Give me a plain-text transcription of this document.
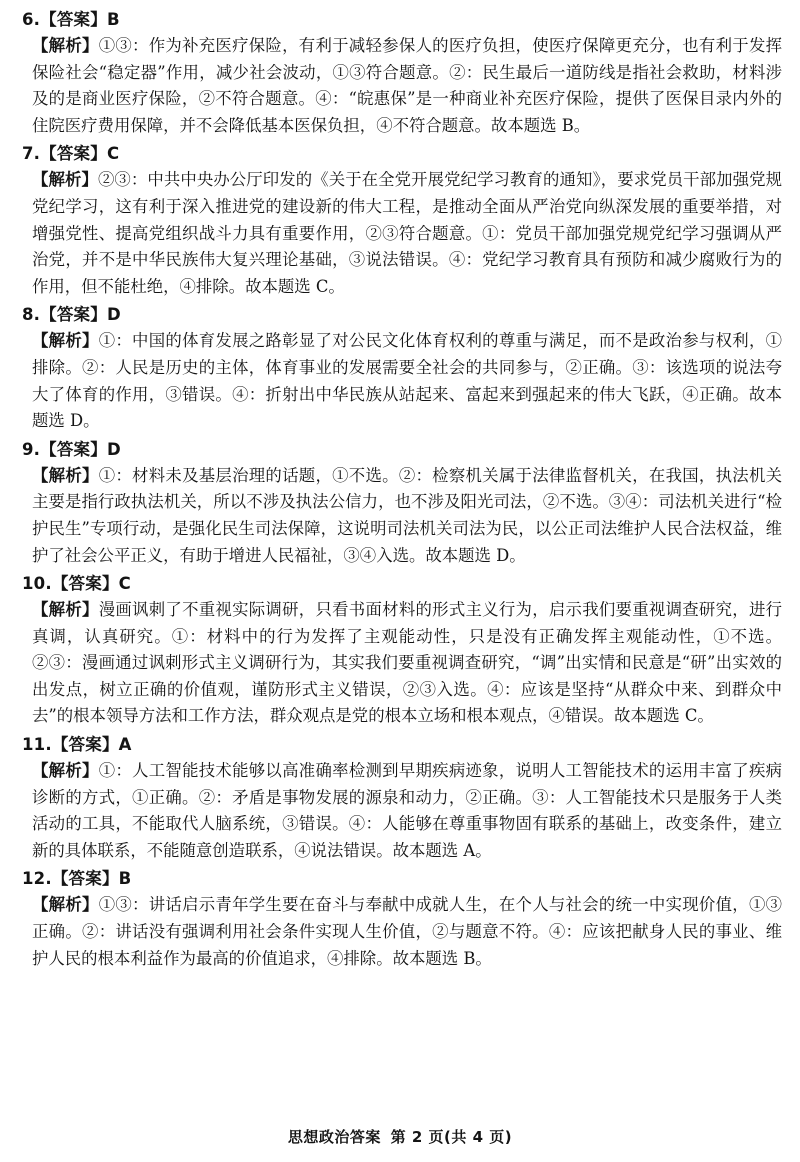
6.【答案】B
【解析】①③：作为补充医疗保险，有利于减轻参保人的医疗负担，使医疗保障更充分，也有利于发挥保险社会“稳定器”作用，减少社会波动，①③符合题意。②：民生最后一道防线是指社会救助，材料涉及的是商业医疗保险，②不符合题意。④：“皖惠保”是一种商业补充医疗保险，提供了医保目录内外的住院医疗费用保障，并不会降低基本医保负担，④不符合题意。故本题选 B。
7.【答案】C
【解析】②③：中共中央办公厅印发的《关于在全党开展党纪学习教育的通知》，要求党员干部加强党规党纪学习，这有利于深入推进党的建设新的伟大工程，是推动全面从严治党向纵深发展的重要举措，对增强党性、提高党组织战斗力具有重要作用，②③符合题意。①：党员干部加强党规党纪学习强调从严治党，并不是中华民族伟大复兴理论基础，③说法错误。④：党纪学习教育具有预防和减少腐败行为的作用，但不能杜绝，④排除。故本题选 C。
8.【答案】D
【解析】①：中国的体育发展之路彰显了对公民文化体育权利的尊重与满足，而不是政治参与权利，①排除。②：人民是历史的主体，体育事业的发展需要全社会的共同参与，②正确。③：该选项的说法夸大了体育的作用，③错误。④：折射出中华民族从站起来、富起来到强起来的伟大飞跃，④正确。故本题选 D。
9.【答案】D
【解析】①：材料未及基层治理的话题，①不选。②：检察机关属于法律监督机关，在我国，执法机关主要是指行政执法机关，所以不涉及执法公信力，也不涉及阳光司法，②不选。③④：司法机关进行“检护民生”专项行动，是强化民生司法保障，这说明司法机关司法为民，以公正司法维护人民合法权益，维护了社会公平正义，有助于增进人民福祉，③④入选。故本题选 D。
10.【答案】C
【解析】漫画讽刺了不重视实际调研，只看书面材料的形式主义行为，启示我们要重视调查研究，进行真调，认真研究。①：材料中的行为发挥了主观能动性，只是没有正确发挥主观能动性，①不选。②③：漫画通过讽刺形式主义调研行为，其实我们要重视调查研究，“调”出实情和民意是“研”出实效的出发点，树立正确的价值观，谨防形式主义错误，②③入选。④：应该是坚持“从群众中来、到群众中去”的根本领导方法和工作方法，群众观点是党的根本立场和根本观点，④错误。故本题选 C。
11.【答案】A
【解析】①：人工智能技术能够以高准确率检测到早期疾病迹象，说明人工智能技术的运用丰富了疾病诊断的方式，①正确。②：矛盾是事物发展的源泉和动力，②正确。③：人工智能技术只是服务于人类活动的工具，不能取代人脑系统，③错误。④：人能够在尊重事物固有联系的基础上，改变条件，建立新的具体联系，不能随意创造联系，④说法错误。故本题选 A。
12.【答案】B
【解析】①③：讲话启示青年学生要在奋斗与奉献中成就人生，在个人与社会的统一中实现价值，①③正确。②：讲话没有强调利用社会条件实现人生价值，②与题意不符。④：应该把献身人民的事业、维护人民的根本利益作为最高的价值追求，④排除。故本题选 B。
思想政治答案 第 2 页(共 4 页)
